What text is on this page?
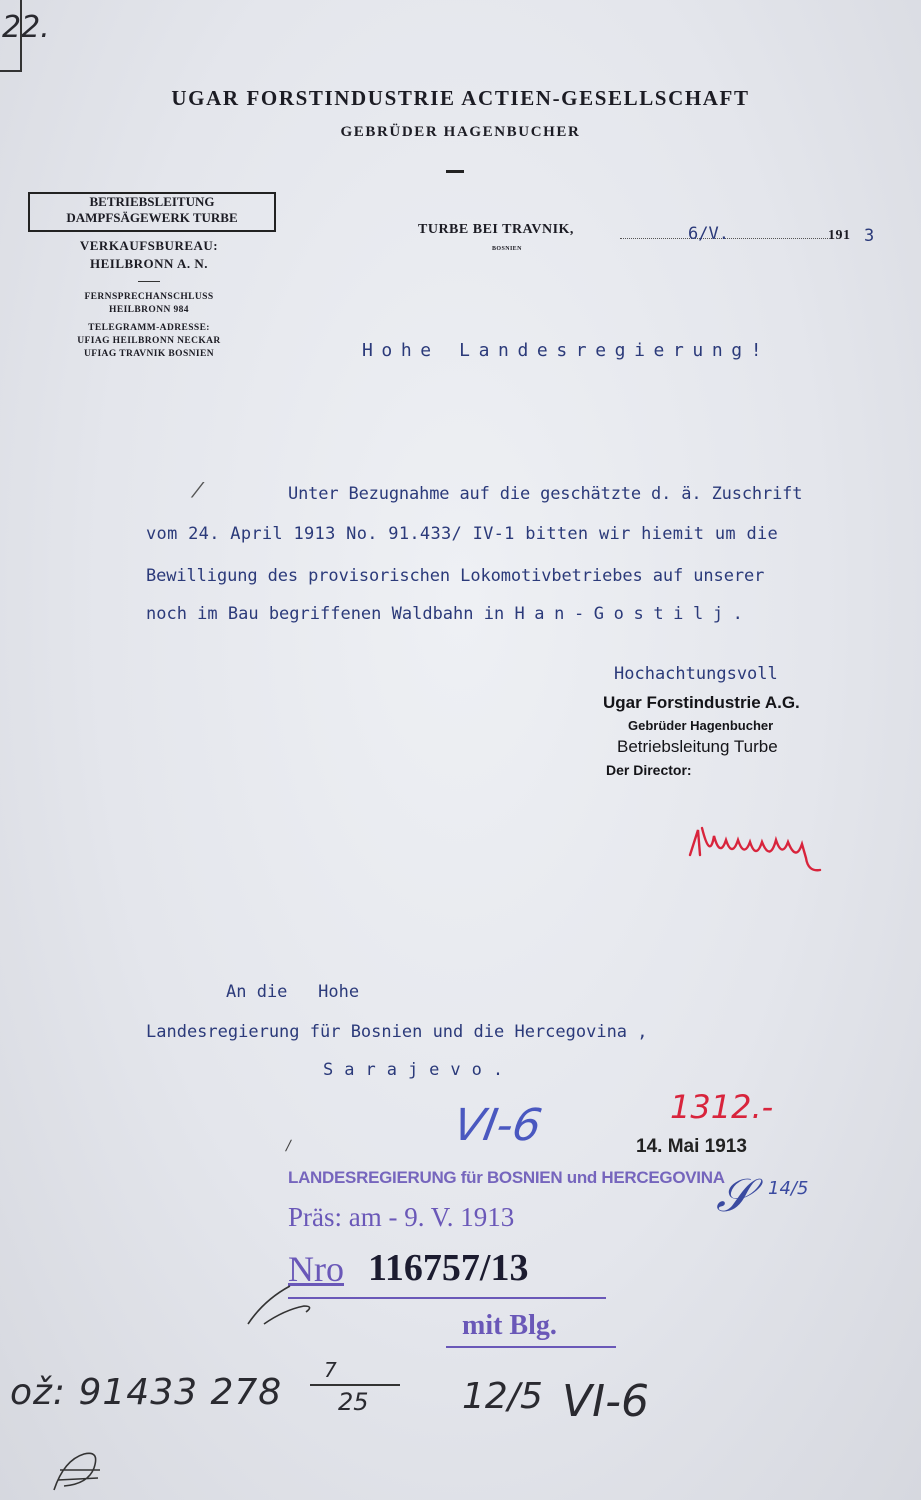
22.
UGAR FORSTINDUSTRIE ACTIEN-GESELLSCHAFT
GEBRÜDER HAGENBUCHER
BETRIEBSLEITUNG
DAMPFSÄGEWERK TURBE
VERKAUFSBUREAU:
HEILBRONN A. N.
FERNSPRECHANSCHLUSS
HEILBRONN 984
TELEGRAMM-ADRESSE:
UFIAG HEILBRONN NECKAR
UFIAG TRAVNIK BOSNIEN
TURBE BEI TRAVNIK,
BOSNIEN
6/V.	191 3
Hohe Landesregierung!
⁄	Unter Bezugnahme auf die geschätzte d. ä. Zuschrift
vom 24. April 1913 No. 91.433/ IV-1 bitten wir hiemit um die
Bewilligung des provisorischen Lokomotivbetriebes auf unserer
noch im Bau begriffenen Waldbahn in Han-Gostilj.
Hochachtungsvoll
Ugar Forstindustrie A.G.
Gebrüder Hagenbucher
Betriebsleitung Turbe
Der Director:
An die   Hohe
Landesregierung für Bosnien und die Hercegovina ,
Sarajevo.
VI-6	1312.-
14. Mai 1913
𝒮 14/5
∕
LANDESREGIERUNG für BOSNIEN und HERCEGOVINA
Präs: am - 9. V. 1913
Nro 116757/13
mit Blg.
ož: 91433 278
7
25	12/5 VI-6
